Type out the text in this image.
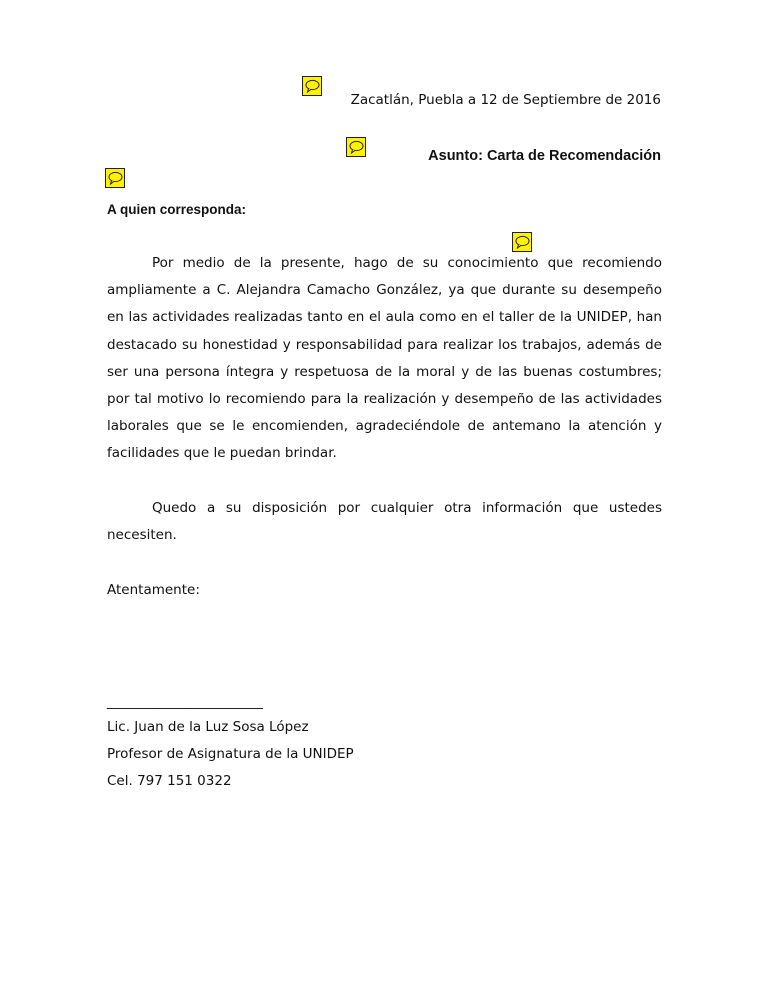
Zacatlán, Puebla a 12 de Septiembre de 2016
Asunto: Carta de Recomendación
A quien corresponda:
Por medio de la presente, hago de su conocimiento que recomiendo ampliamente a C. Alejandra Camacho González, ya que durante su desempeño en las actividades realizadas tanto en el aula como en el taller de la UNIDEP, han destacado su honestidad y responsabilidad para realizar los trabajos, además de ser una persona íntegra y respetuosa de la moral y de las buenas costumbres; por tal motivo lo recomiendo para la realización y desempeño de las actividades laborales que se le encomienden, agradeciéndole de antemano la atención y facilidades que le puedan brindar.
Quedo a su disposición por cualquier otra información que ustedes necesiten.
Atentamente:
________________________
Lic. Juan de la Luz Sosa López
Profesor de Asignatura de la UNIDEP
Cel. 797 151 0322
